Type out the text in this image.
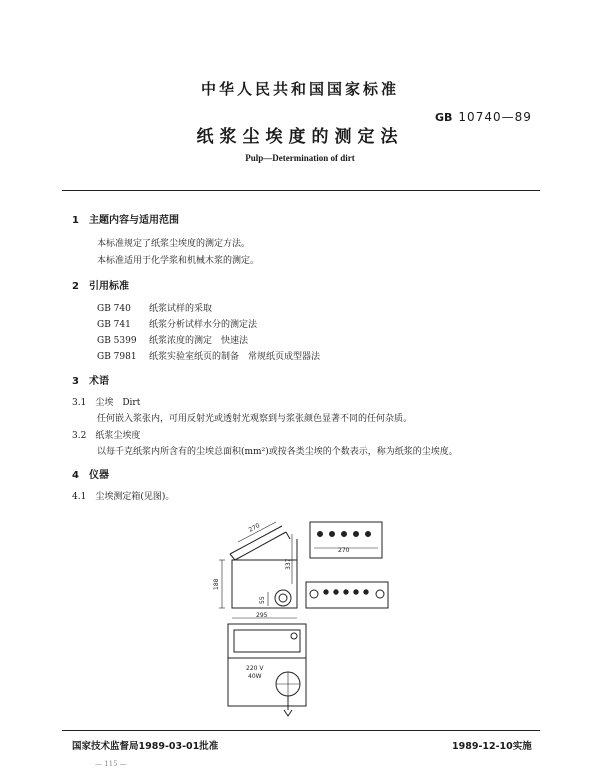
中华人民共和国国家标准
GB 10740—89
纸浆尘埃度的测定法
Pulp—Determination of dirt
1　主题内容与适用范围
本标准规定了纸浆尘埃度的测定方法。
本标准适用于化学浆和机械木浆的测定。
2　引用标准
GB 740 纸浆试样的采取
GB 741 纸浆分析试样水分的测定法
GB 5399 纸浆浓度的测定　快速法
GB 7981 纸浆实验室纸页的制备　常规纸页成型器法
3　术语
3.1　尘埃　Dirt
任何嵌入浆张内，可用反射光或透射光观察到与浆张颜色显著不同的任何杂质。
3.2　纸浆尘埃度
以每千克纸浆内所含有的尘埃总面积(mm²)或按各类尘埃的个数表示，称为纸浆的尘埃度。
4　仪器
4.1　尘埃测定箱(见图)。
270
270
188
337
55
295
220 V
40W
国家技术监督局1989-03-01批准	1989-12-10实施
— 115 —
